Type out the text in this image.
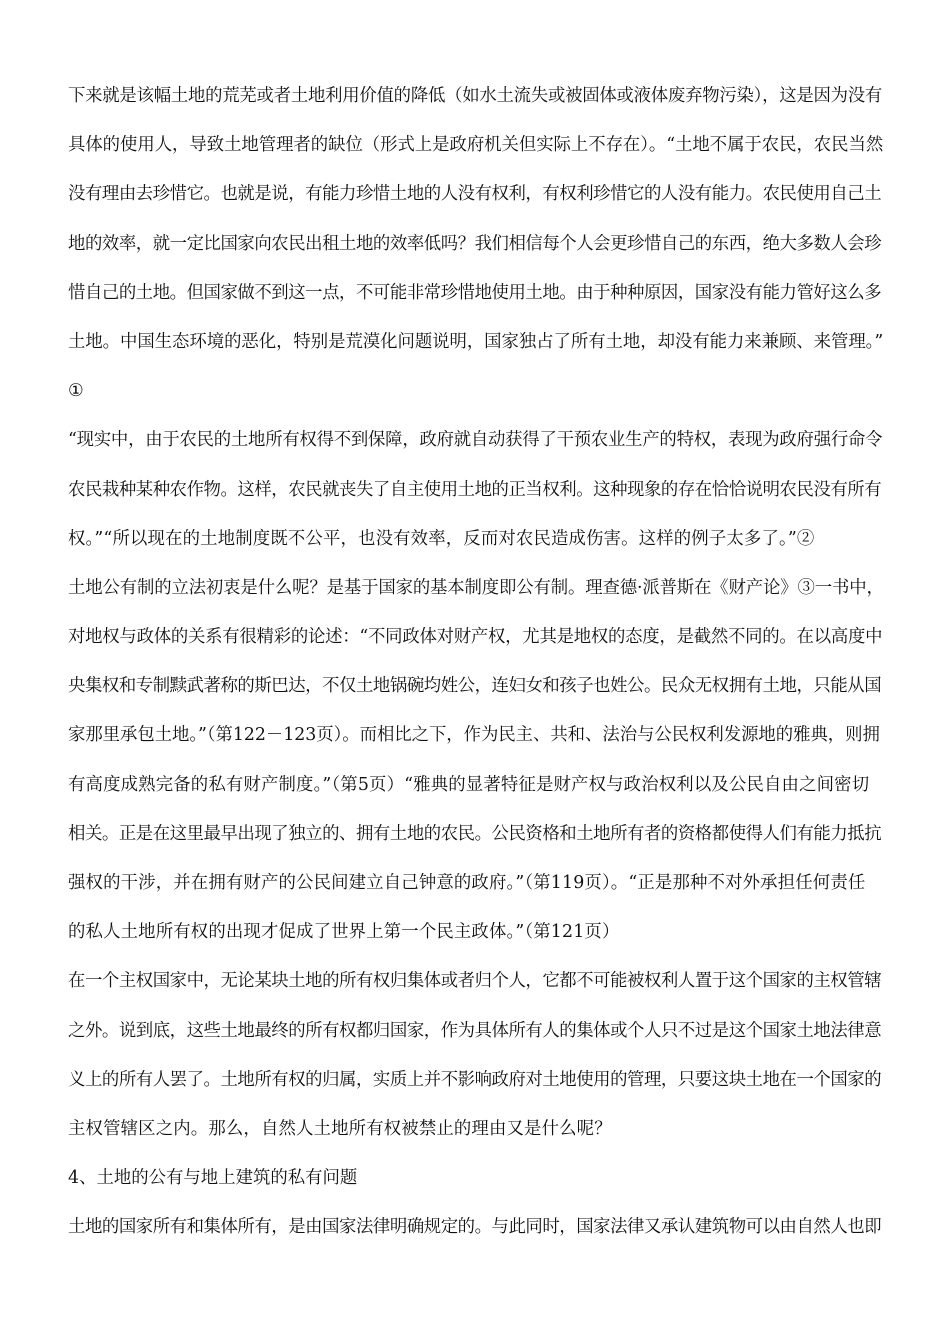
下来就是该幅土地的荒芜或者土地利用价值的降低（如水土流失或被固体或液体废弃物污染），这是因为没有
具体的使用人，导致土地管理者的缺位（形式上是政府机关但实际上不存在）。“土地不属于农民，农民当然
没有理由去珍惜它。也就是说，有能力珍惜土地的人没有权利，有权利珍惜它的人没有能力。农民使用自己土
地的效率，就一定比国家向农民出租土地的效率低吗？我们相信每个人会更珍惜自己的东西，绝大多数人会珍
惜自己的土地。但国家做不到这一点，不可能非常珍惜地使用土地。由于种种原因，国家没有能力管好这么多
土地。中国生态环境的恶化，特别是荒漠化问题说明，国家独占了所有土地，却没有能力来兼顾、来管理。”
①
“现实中，由于农民的土地所有权得不到保障，政府就自动获得了干预农业生产的特权，表现为政府强行命令
农民栽种某种农作物。这样，农民就丧失了自主使用土地的正当权利。这种现象的存在恰恰说明农民没有所有
权。”“所以现在的土地制度既不公平，也没有效率，反而对农民造成伤害。这样的例子太多了。”②
土地公有制的立法初衷是什么呢？是基于国家的基本制度即公有制。理查德·派普斯在《财产论》③一书中，
对地权与政体的关系有很精彩的论述：“不同政体对财产权，尤其是地权的态度，是截然不同的。在以高度中
央集权和专制黩武著称的斯巴达，不仅土地锅碗均姓公，连妇女和孩子也姓公。民众无权拥有土地，只能从国
家那里承包土地。”（第122－123页）。而相比之下，作为民主、共和、法治与公民权利发源地的雅典，则拥
有高度成熟完备的私有财产制度。”（第5页）“雅典的显著特征是财产权与政治权利以及公民自由之间密切
相关。正是在这里最早出现了独立的、拥有土地的农民。公民资格和土地所有者的资格都使得人们有能力抵抗
强权的干涉，并在拥有财产的公民间建立自己钟意的政府。”（第119页）。“正是那种不对外承担任何责任
的私人土地所有权的出现才促成了世界上第一个民主政体。”（第121页）
在一个主权国家中，无论某块土地的所有权归集体或者归个人，它都不可能被权利人置于这个国家的主权管辖
之外。说到底，这些土地最终的所有权都归国家，作为具体所有人的集体或个人只不过是这个国家土地法律意
义上的所有人罢了。土地所有权的归属，实质上并不影响政府对土地使用的管理，只要这块土地在一个国家的
主权管辖区之内。那么，自然人土地所有权被禁止的理由又是什么呢？
4、土地的公有与地上建筑的私有问题
土地的国家所有和集体所有，是由国家法律明确规定的。与此同时，国家法律又承认建筑物可以由自然人也即
